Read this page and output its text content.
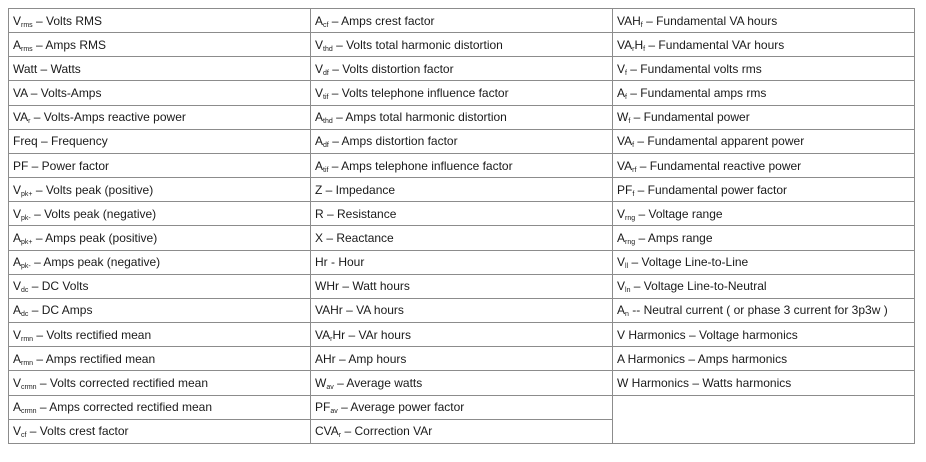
$V_{rms}$ – Volts RMS	$A_{cf}$ – Amps crest factor	$VAH_f$ – Fundamental VA hours
$A_{rms}$ – Amps RMS	$V_{thd}$ – Volts total harmonic distortion	$VA_rH_f$ – Fundamental VAr hours
Watt – Watts	$V_{df}$ – Volts distortion factor	$V_f$ – Fundamental volts rms
VA – Volts-Amps	$V_{tif}$ – Volts telephone influence factor	$A_f$ – Fundamental amps rms
$VA_r$ – Volts-Amps reactive power	$A_{thd}$ – Amps total harmonic distortion	$W_f$ – Fundamental power
Freq – Frequency	$A_{df}$ – Amps distortion factor	$VA_f$ – Fundamental apparent power
PF – Power factor	$A_{tif}$ – Amps telephone influence factor	$VA_{rf}$ – Fundamental reactive power
$V_{pk+}$ – Volts peak (positive)	Z – Impedance	$PF_f$ – Fundamental power factor
$V_{pk-}$ – Volts peak (negative)	R – Resistance	$V_{rng}$ – Voltage range
$A_{pk+}$ – Amps peak (positive)	X – Reactance	$A_{rng}$ – Amps range
$A_{pk-}$ – Amps peak (negative)	Hr - Hour	$V_{ll}$ – Voltage Line-to-Line
$V_{dc}$ – DC Volts	WHr – Watt hours	$V_{ln}$ – Voltage Line-to-Neutral
$A_{dc}$ – DC Amps	VAHr – VA hours	$A_n$ -- Neutral current ( or phase 3 current for 3p3w )
$V_{rmn}$ – Volts rectified mean	$VA_rHr$ – VAr hours	V Harmonics – Voltage harmonics
$A_{rmn}$ – Amps rectified mean	AHr – Amp hours	A Harmonics – Amps harmonics
$V_{crmn}$ – Volts corrected rectified mean	$W_{av}$ – Average watts	W Harmonics – Watts harmonics
$A_{crmn}$ – Amps corrected rectified mean	$PF_{av}$ – Average power factor	
$V_{cf}$ – Volts crest factor	$CVA_r$ – Correction VAr	
